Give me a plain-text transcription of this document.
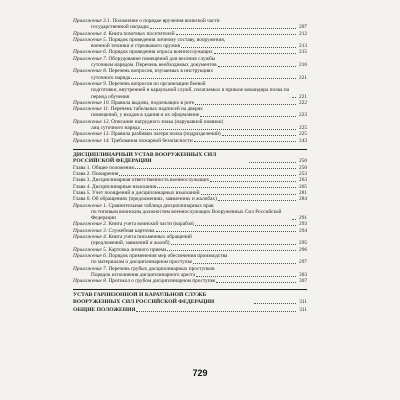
Приложение 3.1. Положение о порядке вручения воинской части
государственной награды	207
Приложение 4. Книга почетных посетителей	212
Приложение 5. Порядок проведения личному составу, вооружения,
военной техники и стрелкового оружия	213
Приложение 6. Порядок проведения опроса военнослужащих	215
Приложение 7. Оборудование помещений для несения службы
суточным нарядом. Перечень необходимых документов	216
Приложение 8. Перечень вопросов, изучаемых в инструкциях
суточного наряда	221
Приложение 9. Перечень вопросов по организации боевой
подготовки, внутренней и караульной служб, излагаемых в приказе командира полка на период обучения	221
Приложение 10. Правила выдачи, подлежащих в роте	222
Приложение 11. Перечень табельных надписей на дверях
помещений, у входов в здания и их оформление	223
Приложение 12. Описание нагрудного знака (нарукавной повязки)
лиц суточного наряда	225
Приложение 13. Правила разбивки лагеря полка (подразделений)	225
Приложение 14. Требования пожарной безопасности	243
ДИСЦИПЛИНАРНЫЙ УСТАВ ВООРУЖЕННЫХ СИЛ РОССИЙСКОЙ ФЕДЕРАЦИИ	250
Глава 1. Общие положения	250
Глава 2. Поощрения	253
Глава 3. Дисциплинарная ответственность военнослужащих	263
Глава 4. Дисциплинарные взыскания	265
Глава 5. Учет поощрений и дисциплинарных взысканий	281
Глава 6. Об обращениях (предложениях, заявлениях и жалобах)	284
Приложение 1. Сравнительная таблица дисциплинарных прав
по типовым воинским должностям военнослужащих Вооруженных Сил Российской Федерации	291
Приложение 2. Книга учета воинской части (корабля)	293
Приложение 3. Служебная карточка	294
Приложение 4. Книга учета письменных обращений
(предложений, заявлений и жалоб)	295
Приложение 5. Карточка личного приема	296
Приложение 6. Порядок применения мер обеспечения производства
по материалам о дисциплинарном проступке	297
Приложение 7. Перечень грубых дисциплинарных проступков
Порядок исполнения дисциплинарного ареста	303
Приложение 8. Протокол о грубом дисциплинарном проступке	307
УСТАВ ГАРНИЗОННОЙ И КАРАУЛЬНОЙ СЛУЖБ ВООРУЖЕННЫХ СИЛ РОССИЙСКОЙ ФЕДЕРАЦИИ	311
ОБЩИЕ ПОЛОЖЕНИЯ	311
729
